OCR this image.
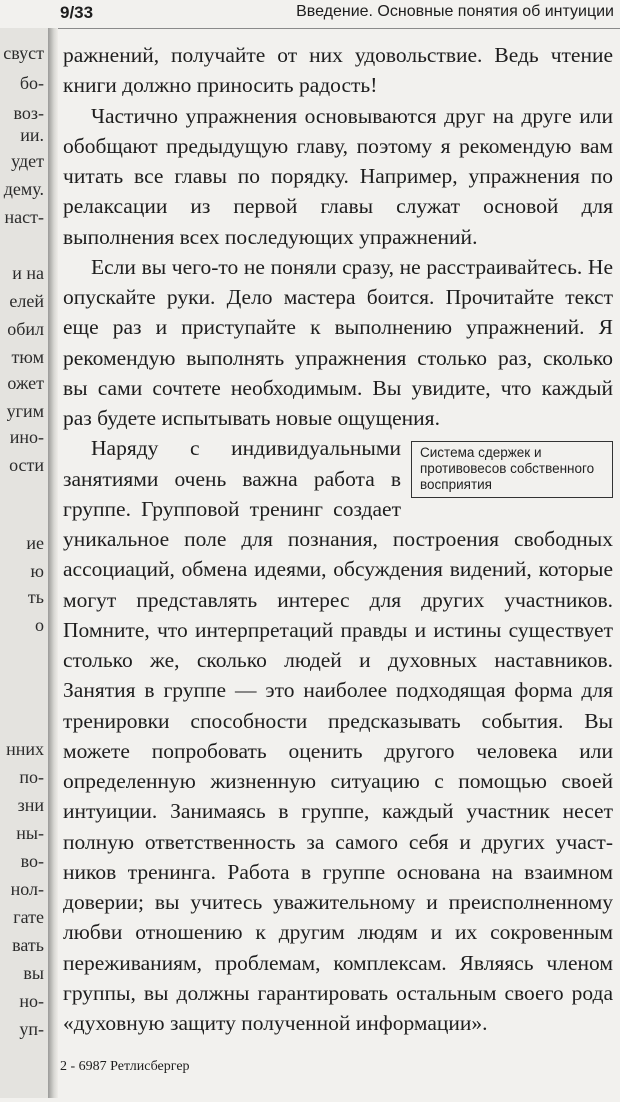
9/33	Введение. Основные понятия об интуиции
свуст
бо-
воз-
ии.
удет
дему.
наст-
и на
елей
обил
тюм
ожет
угим
ино-
ости
ие
ю
ть
о
нних
по-
зни
ны-
во-
нол-
гате
вать
вы
но-
уп-

ражнений, получайте от них удовольствие. Ведь чтение книги должно приносить радость!

Частично упражнения основываются друг на друге или обобщают предыдущую главу, поэтому я рекомендую вам читать все главы по порядку. Например, упражнения по релаксации из первой главы служат основой для выполнения всех последующих упражнений.

Если вы чего-то не поняли сразу, не расстраивайтесь. Не опускайте руки. Дело мастера боится. Прочитайте текст еще раз и приступайте к выполнению упражнений. Я рекомендую выполнять упражнения столько раз, сколько вы сами сочтете необходимым. Вы увидите, что каждый раз будете испытывать новые ощущения.

Система сдержек и противовесов собственного восприятия

Наряду с индивидуальными занятиями очень важна работа в группе. Групповой тренинг создает уникальное поле для познания, построения свободных ассоциаций, обмена идеями, обсуждения видений, которые могут представлять интерес для других участников. Помните, что интерпретаций правды и истины существует столько же, сколько людей и духовных наставников. Занятия в группе — это наиболее подходящая форма для тренировки способности предсказывать события. Вы можете попробовать оценить другого человека или определенную жизненную ситуацию с помощью своей интуиции. Занимаясь в группе, каждый участник несет полную ответственность за самого себя и других участников тренинга. Работа в группе основана на взаимном доверии; вы учитесь уважительному и преисполненному любви отношению к другим людям и их сокровенным переживаниям, проблемам, комплексам. Являясь членом группы, вы должны гарантировать остальным своего рода «духовную защиту полученной информации».

2 - 6987 Ретлисбергер
